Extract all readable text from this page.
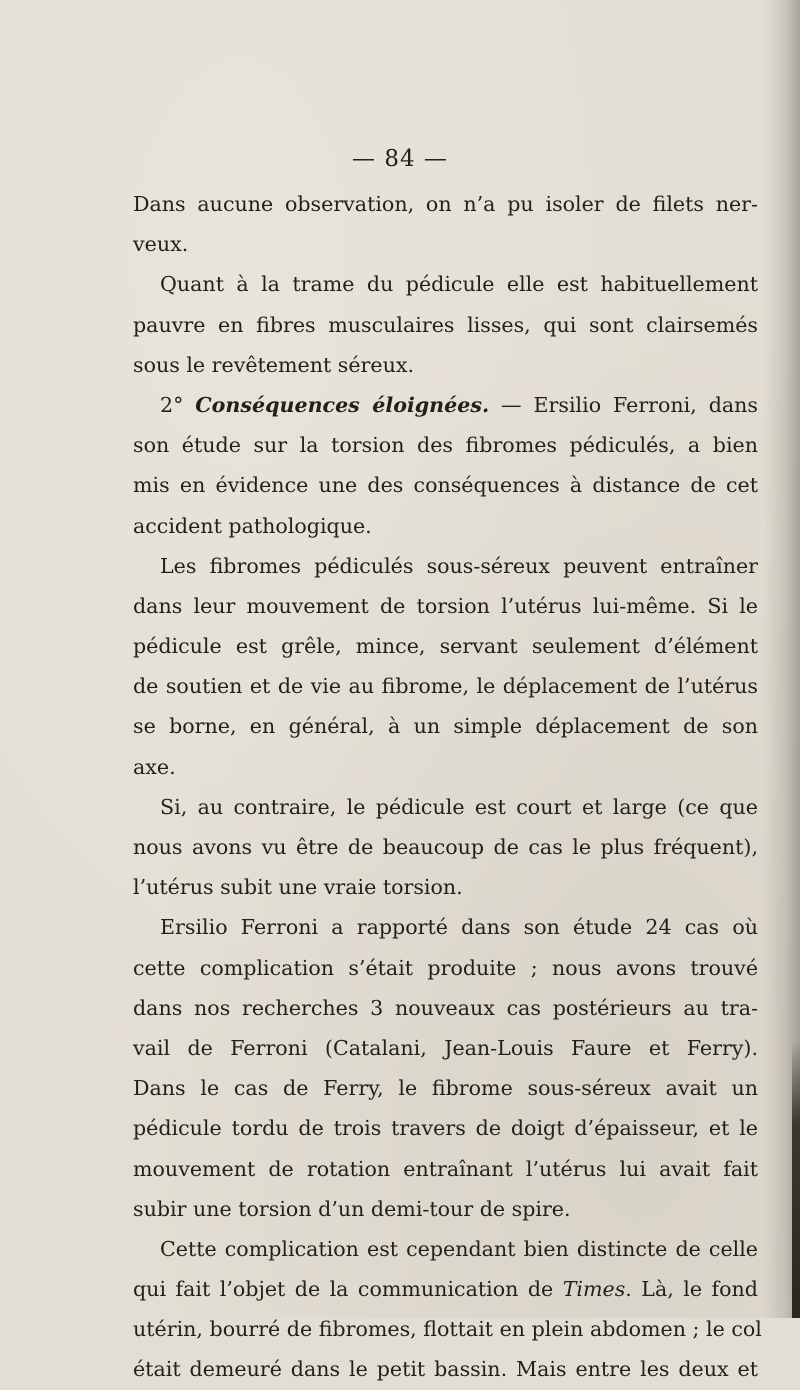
— 84 —
Dans aucune observation, on n’a pu isoler de filets ner-
veux.
Quant à la trame du pédicule elle est habituellement
pauvre en fibres musculaires lisses, qui sont clairsemés
sous le revêtement séreux.
2° Conséquences éloignées. — Ersilio Ferroni, dans
son étude sur la torsion des fibromes pédiculés, a bien
mis en évidence une des conséquences à distance de cet
accident pathologique.
Les fibromes pédiculés sous-séreux peuvent entraîner
dans leur mouvement de torsion l’utérus lui-même. Si le
pédicule est grêle, mince, servant seulement d’élément
de soutien et de vie au fibrome, le déplacement de l’utérus
se borne, en général, à un simple déplacement de son
axe.
Si, au contraire, le pédicule est court et large (ce que
nous avons vu être de beaucoup de cas le plus fréquent),
l’utérus subit une vraie torsion.
Ersilio Ferroni a rapporté dans son étude 24 cas où
cette complication s’était produite ; nous avons trouvé
dans nos recherches 3 nouveaux cas postérieurs au tra-
vail de Ferroni (Catalani, Jean-Louis Faure et Ferry).
Dans le cas de Ferry, le fibrome sous-séreux avait un
pédicule tordu de trois travers de doigt d’épaisseur, et le
mouvement de rotation entraînant l’utérus lui avait fait
subir une torsion d’un demi-tour de spire.
Cette complication est cependant bien distincte de celle
qui fait l’objet de la communication de Times. Là, le fond
utérin, bourré de fibromes, flottait en plein abdomen ; le col
était demeuré dans le petit bassin. Mais entre les deux et
